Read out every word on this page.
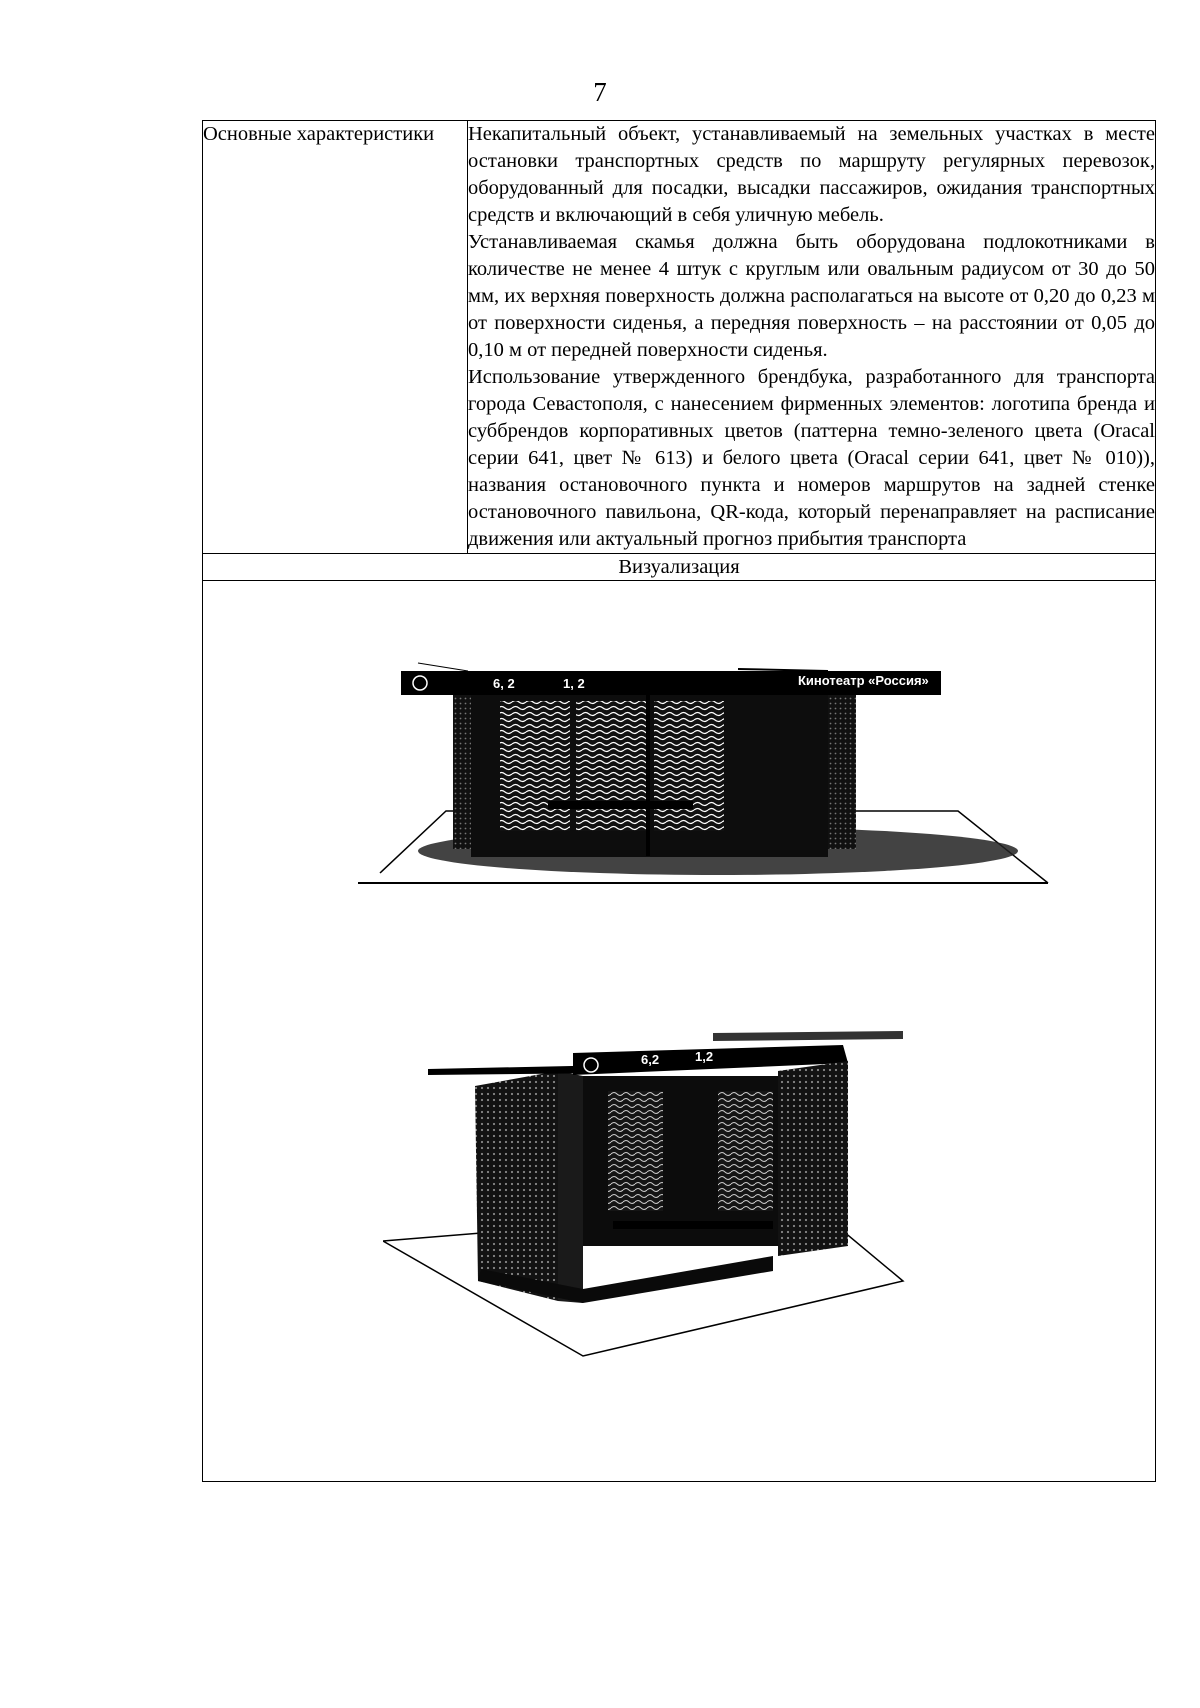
7
Основные характеристики	Некапитальный объект, устанавливаемый на земельных участках в месте остановки транспортных средств по маршруту регулярных перевозок, оборудованный для посадки, высадки пассажиров, ожидания транспортных средств и включающий в себя уличную мебель.

Устанавливаемая скамья должна быть оборудована подлокотниками в количестве не менее 4 штук с круглым или овальным радиусом от 30 до 50 мм, их верхняя поверхность должна располагаться на высоте от 0,20 до 0,23 м от поверхности сиденья, а передняя поверхность – на расстоянии от 0,05 до 0,10 м от передней поверхности сиденья.

Использование утвержденного брендбука, разработанного для транспорта города Севастополя, с нанесением фирменных элементов: логотипа бренда и суббрендов корпоративных цветов (паттерна темно-зеленого цвета (Oracal серии 641, цвет № 613) и белого цвета (Oracal серии 641, цвет № 010)), названия остановочного пункта и номеров маршрутов на задней стенке остановочного павильона, QR-кода, который перенаправляет на расписание движения или актуальный прогноз прибытия транспорта

Визуализация

6, 2	1, 2	Кинотеатр «Россия»
6,2	1,2
